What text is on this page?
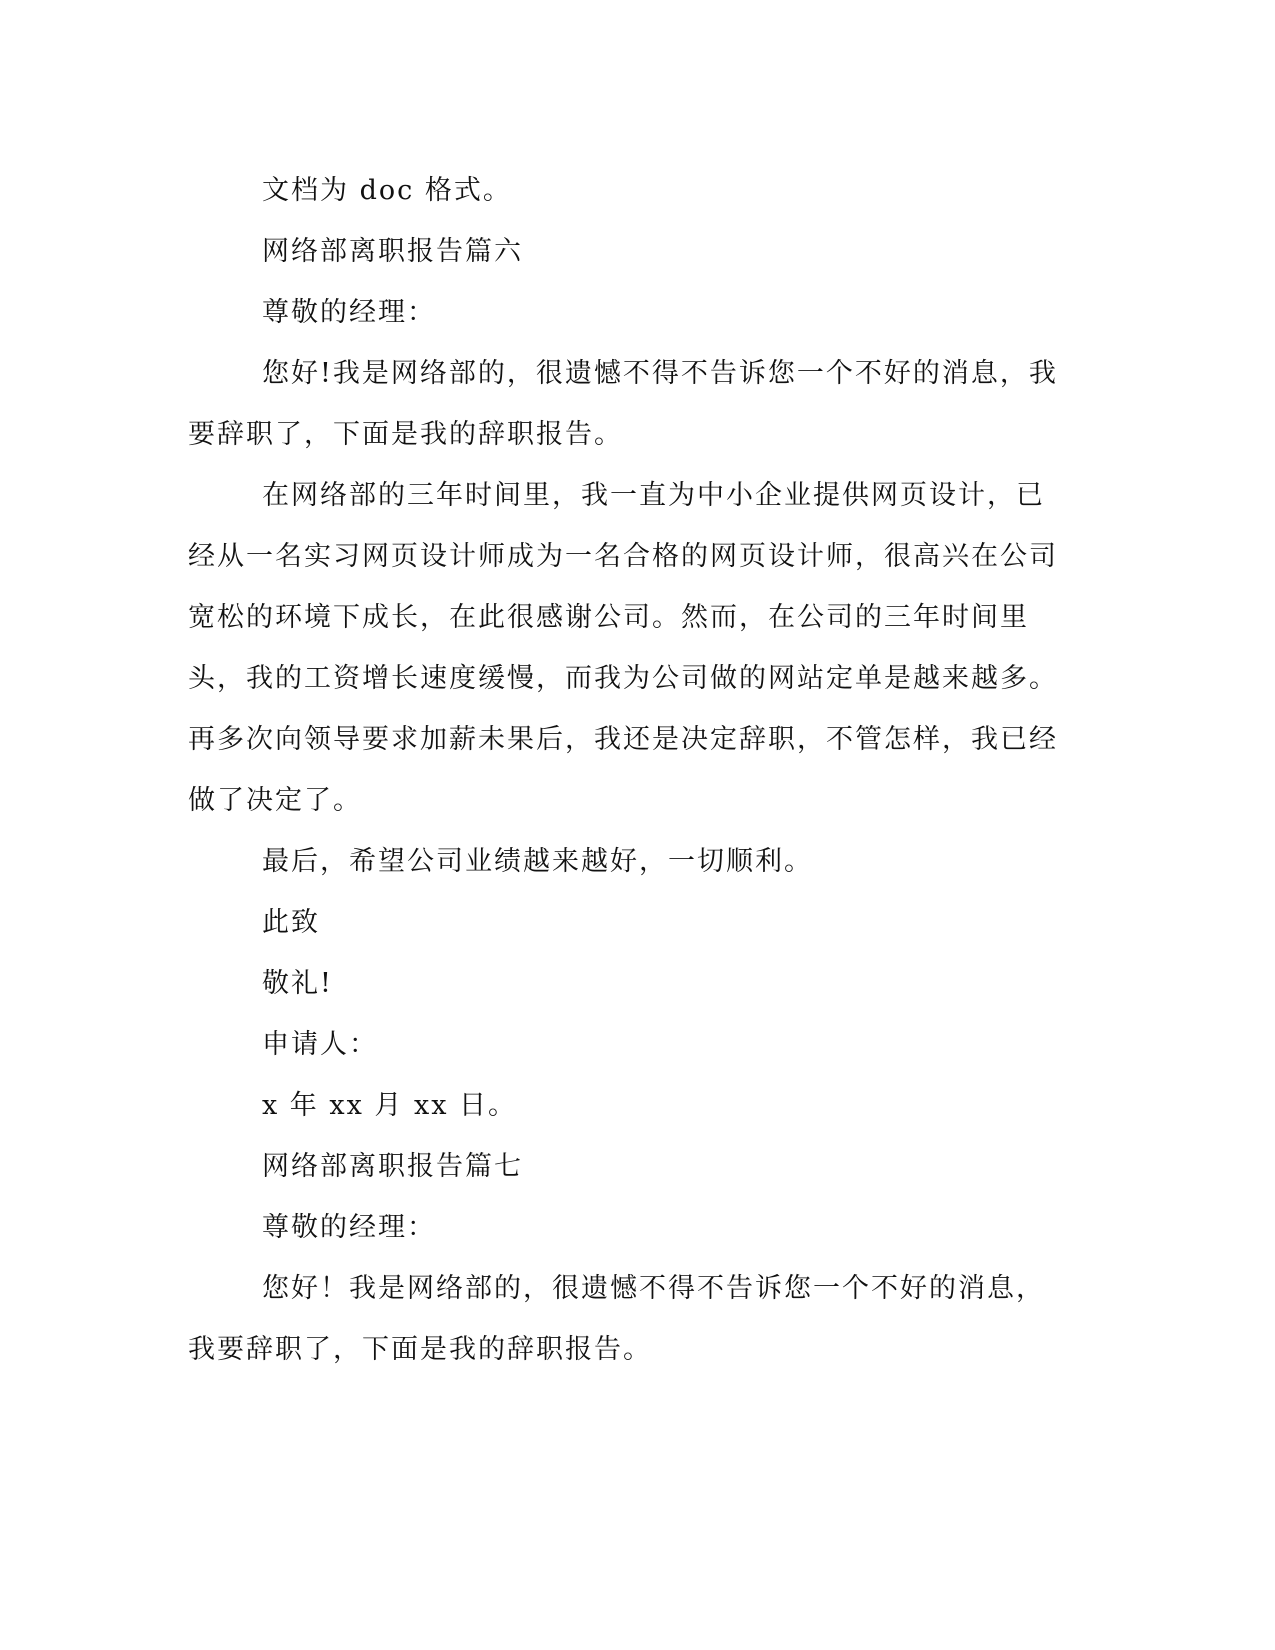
文档为 doc 格式。

网络部离职报告篇六

尊敬的经理：

您好!我是网络部的，很遗憾不得不告诉您一个不好的消息，我要辞职了，下面是我的辞职报告。

在网络部的三年时间里，我一直为中小企业提供网页设计，已经从一名实习网页设计师成为一名合格的网页设计师，很高兴在公司宽松的环境下成长，在此很感谢公司。然而，在公司的三年时间里头，我的工资增长速度缓慢，而我为公司做的网站定单是越来越多。再多次向领导要求加薪未果后，我还是决定辞职，不管怎样，我已经做了决定了。

最后，希望公司业绩越来越好，一切顺利。

此致

敬礼!

申请人：

x 年 xx 月 xx 日。

网络部离职报告篇七

尊敬的经理：

您好！我是网络部的，很遗憾不得不告诉您一个不好的消息，我要辞职了，下面是我的辞职报告。
